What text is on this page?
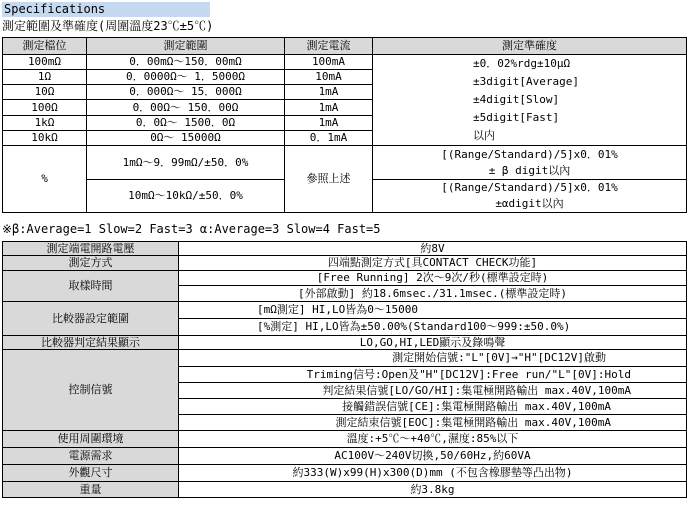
Specifications
測定範圍及準確度(周圍溫度23℃±5℃)
測定檔位	測定範圍	測定電流	測定準確度
100mΩ	0．00mΩ～150．00mΩ	100mA	±0．02%rdg±10μΩ
±3digit[Average]
±4digit[Slow]
±5digit[Fast]
以内

1Ω	0．0000Ω～ 1．5000Ω	10mA	
10Ω	0．000Ω～ 15．000Ω	1mA	
100Ω	0．00Ω～ 150．00Ω	1mA	
1kΩ	0．0Ω～ 1500．0Ω	1mA	
10kΩ	0Ω～ 15000Ω	0．1mA	
%	1mΩ～9．99mΩ/±50．0%	參照上述	[(Range/Standard)/5]x0．01%
± β digit以內

	10mΩ～10kΩ/±50．0%		[(Range/Standard)/5]x0．01%
±αdigit以內
※β:Average=1 Slow=2 Fast=3 α:Average=3 Slow=4 Fast=5
測定端電開路電壓	約8V
測定方式	四端點測定方式[具CONTACT CHECK功能]
取樣時間	[Free Running] 2次～9次/秒(標準設定時)
	[外部啟動] 約18.6msec./31.1msec.(標準設定時)
比較器設定範圍	[mΩ測定] HI,LO皆為0～15000
	[%測定] HI,LO皆為±50.00%(Standard100～999:±50.0%)
比較器判定結果顯示	LO,GO,HI,LED顯示及錄鳴聲
控制信號	測定開始信號:"L"[0V]→"H"[DC12V]啟動
	Triming信号:Open及"H"[DC12V]:Free run/"L"[0V]:Hold
	判定結果信號[LO/GO/HI]:集電極開路輸出 max.40V,100mA
	接觸錯誤信號[CE]:集電極開路輸出 max.40V,100mA
	測定結束信號[EOC]:集電極開路輸出 max.40V,100mA
使用周圍環境	溫度:+5℃～+40℃,濕度:85%以下
電源需求	AC100V～240V切換,50/60Hz,約60VA
外觀尺寸	約333(W)x99(H)x300(D)mm (不包含橡膠墊等凸出物)
重量	約3.8kg
